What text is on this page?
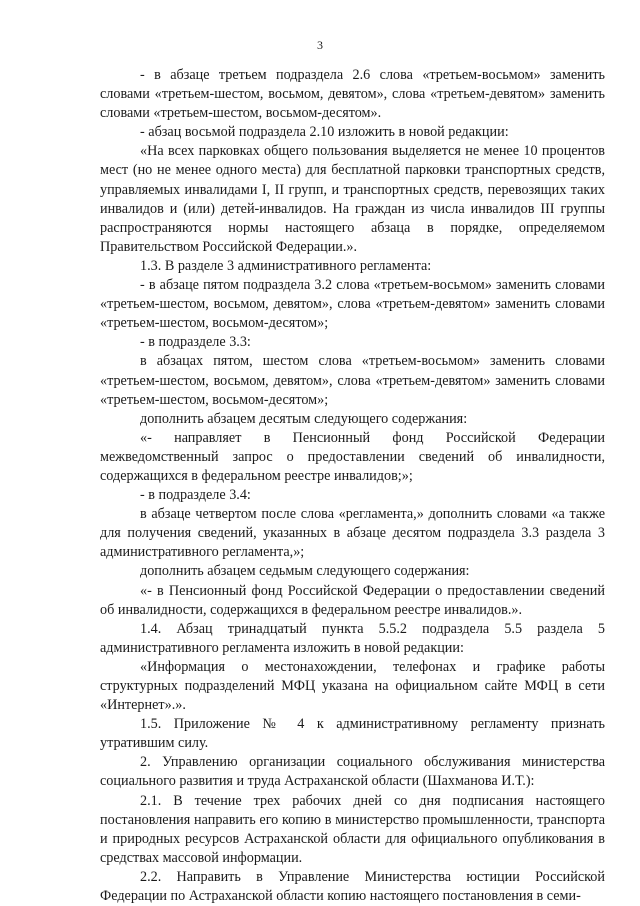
3

- в абзаце третьем подраздела 2.6 слова «третьем-восьмом» заменить словами «третьем-шестом, восьмом, девятом», слова «третьем-девятом» заменить словами «третьем-шестом, восьмом-десятом».

- абзац восьмой подраздела 2.10 изложить в новой редакции:

«На всех парковках общего пользования выделяется не менее 10 процентов мест (но не менее одного места) для бесплатной парковки транспортных средств, управляемых инвалидами I, II групп, и транспортных средств, перевозящих таких инвалидов и (или) детей-инвалидов. На граждан из числа инвалидов III группы распространяются нормы настоящего абзаца в порядке, определяемом Правительством Российской Федерации.».

1.3. В разделе 3 административного регламента:

- в абзаце пятом подраздела 3.2 слова «третьем-восьмом» заменить словами «третьем-шестом, восьмом, девятом», слова «третьем-девятом» заменить словами «третьем-шестом, восьмом-десятом»;

- в подразделе 3.3:

в абзацах пятом, шестом слова «третьем-восьмом» заменить словами «третьем-шестом, восьмом, девятом», слова «третьем-девятом» заменить словами «третьем-шестом, восьмом-десятом»;

дополнить абзацем десятым следующего содержания:

«- направляет в Пенсионный фонд Российской Федерации межведомственный запрос о предоставлении сведений об инвалидности, содержащихся в федеральном реестре инвалидов;»;

- в подразделе 3.4:

в абзаце четвертом после слова «регламента,» дополнить словами «а также для получения сведений, указанных в абзаце десятом подраздела 3.3 раздела 3 административного регламента,»;

дополнить абзацем седьмым следующего содержания:

«- в Пенсионный фонд Российской Федерации о предоставлении сведений об инвалидности, содержащихся в федеральном реестре инвалидов.».

1.4. Абзац тринадцатый пункта 5.5.2 подраздела 5.5 раздела 5 административного регламента изложить в новой редакции:

«Информация о местонахождении, телефонах и графике работы структурных подразделений МФЦ указана на официальном сайте МФЦ в сети «Интернет».».

1.5. Приложение № 4 к административному регламенту признать утратившим силу.

2. Управлению организации социального обслуживания министерства социального развития и труда Астраханской области (Шахманова И.Т.):

2.1. В течение трех рабочих дней со дня подписания настоящего постановления направить его копию в министерство промышленности, транспорта и природных ресурсов Астраханской области для официального опубликования в средствах массовой информации.

2.2. Направить в Управление Министерства юстиции Российской Федерации по Астраханской области копию настоящего постановления в семи-
